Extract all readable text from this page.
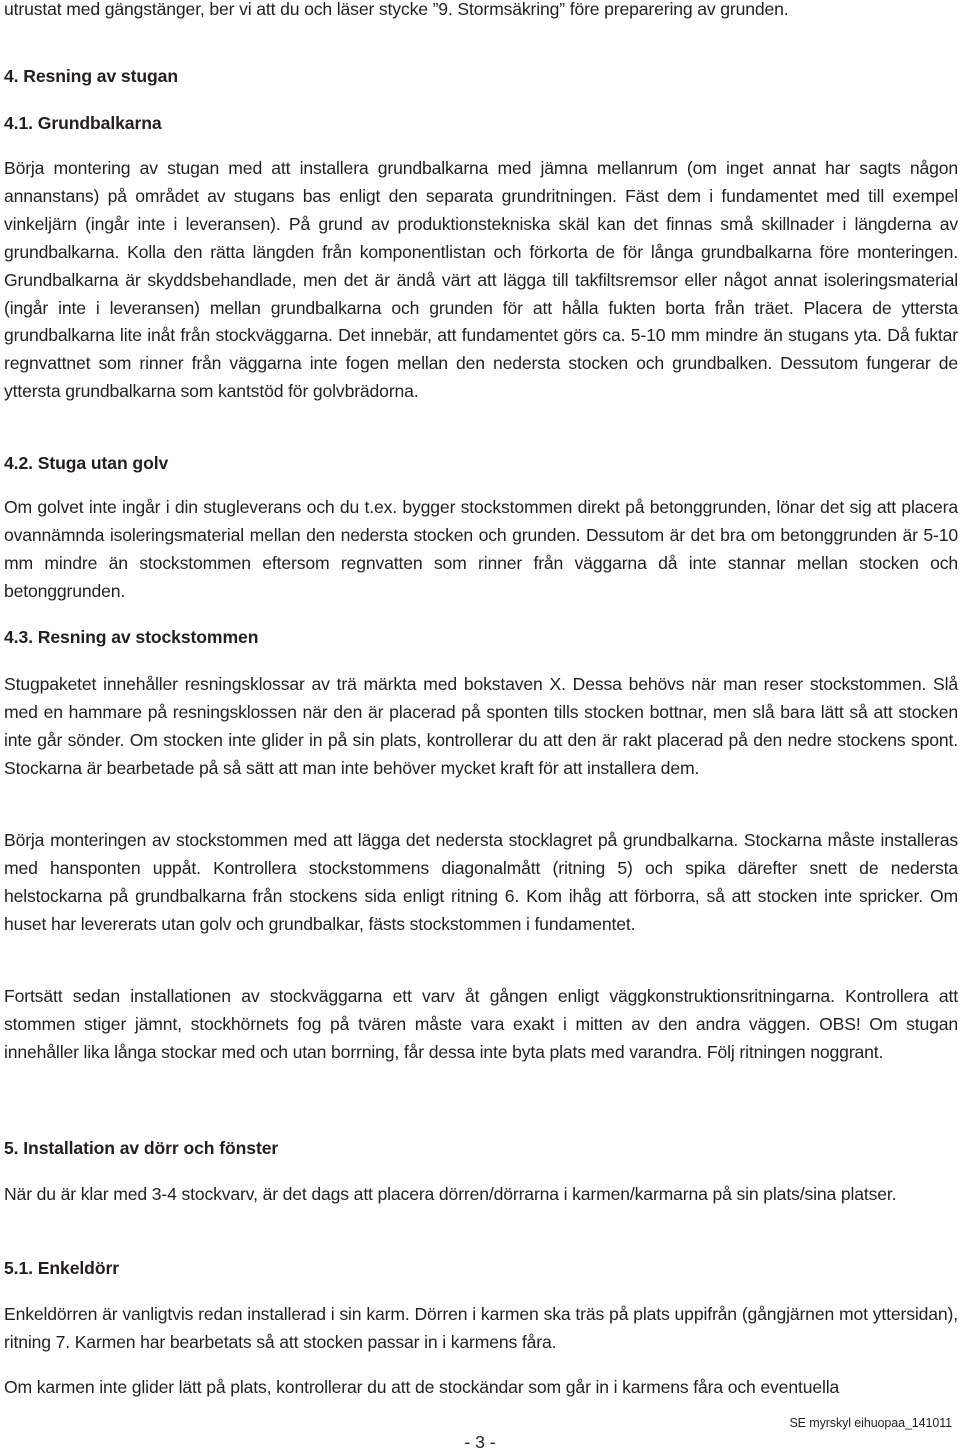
utrustat med gängstänger, ber vi att du och läser stycke ”9. Stormsäkring” före preparering av grunden.

4. Resning av stugan
4.1. Grundbalkarna

Börja montering av stugan med att installera grundbalkarna med jämna mellanrum (om inget annat har sagts någon annanstans) på området av stugans bas enligt den separata grundritningen. Fäst dem i fundamentet med till exempel vinkeljärn (ingår inte i leveransen). På grund av produktionstekniska skäl kan det finnas små skillnader i längderna av grundbalkarna. Kolla den rätta längden från komponentlistan och förkorta de för långa grundbalkarna före monteringen. Grundbalkarna är skyddsbehandlade, men det är ändå värt att lägga till takfiltsremsor eller något annat isoleringsmaterial (ingår inte i leveransen) mellan grundbalkarna och grunden för att hålla fukten borta från träet. Placera de yttersta grundbalkarna lite inåt från stockväggarna. Det innebär, att fundamentet görs ca. 5-10 mm mindre än stugans yta. Då fuktar regnvattnet som rinner från väggarna inte fogen mellan den nedersta stocken och grundbalken. Dessutom fungerar de yttersta grundbalkarna som kantstöd för golvbrädorna.

4.2. Stuga utan golv

Om golvet inte ingår i din stugleverans och du t.ex. bygger stockstommen direkt på betonggrunden, lönar det sig att placera ovannämnda isoleringsmaterial mellan den nedersta stocken och grunden. Dessutom är det bra om betonggrunden är 5-10 mm mindre än stockstommen eftersom regnvatten som rinner från väggarna då inte stannar mellan stocken och betonggrunden.

4.3. Resning av stockstommen

Stugpaketet innehåller resningsklossar av trä märkta med bokstaven X. Dessa behövs när man reser stockstommen. Slå med en hammare på resningsklossen när den är placerad på sponten tills stocken bottnar, men slå bara lätt så att stocken inte går sönder. Om stocken inte glider in på sin plats, kontrollerar du att den är rakt placerad på den nedre stockens spont. Stockarna är bearbetade på så sätt att man inte behöver mycket kraft för att installera dem.

Börja monteringen av stockstommen med att lägga det nedersta stocklagret på grundbalkarna. Stockarna måste installeras med hansponten uppåt. Kontrollera stockstommens diagonalmått (ritning 5) och spika därefter snett de nedersta helstockarna på grundbalkarna från stockens sida enligt ritning 6. Kom ihåg att förborra, så att stocken inte spricker. Om huset har levererats utan golv och grundbalkar, fästs stockstommen i fundamentet.

Fortsätt sedan installationen av stockväggarna ett varv åt gången enligt väggkonstruktionsritningarna. Kontrollera att stommen stiger jämnt, stockhörnets fog på tvären måste vara exakt i mitten av den andra väggen. OBS! Om stugan innehåller lika långa stockar med och utan borrning, får dessa inte byta plats med varandra. Följ ritningen noggrant.

5. Installation av dörr och fönster

När du är klar med 3-4 stockvarv, är det dags att placera dörren/dörrarna i karmen/karmarna på sin plats/sina platser.

5.1. Enkeldörr

Enkeldörren är vanligtvis redan installerad i sin karm. Dörren i karmen ska träs på plats uppifrån (gångjärnen mot yttersidan), ritning 7. Karmen har bearbetats så att stocken passar in i karmens fåra.

Om karmen inte glider lätt på plats, kontrollerar du att de stockändar som går in i karmens fåra och eventuella

SE myrskyl eihuopaa_141011
- 3 -
